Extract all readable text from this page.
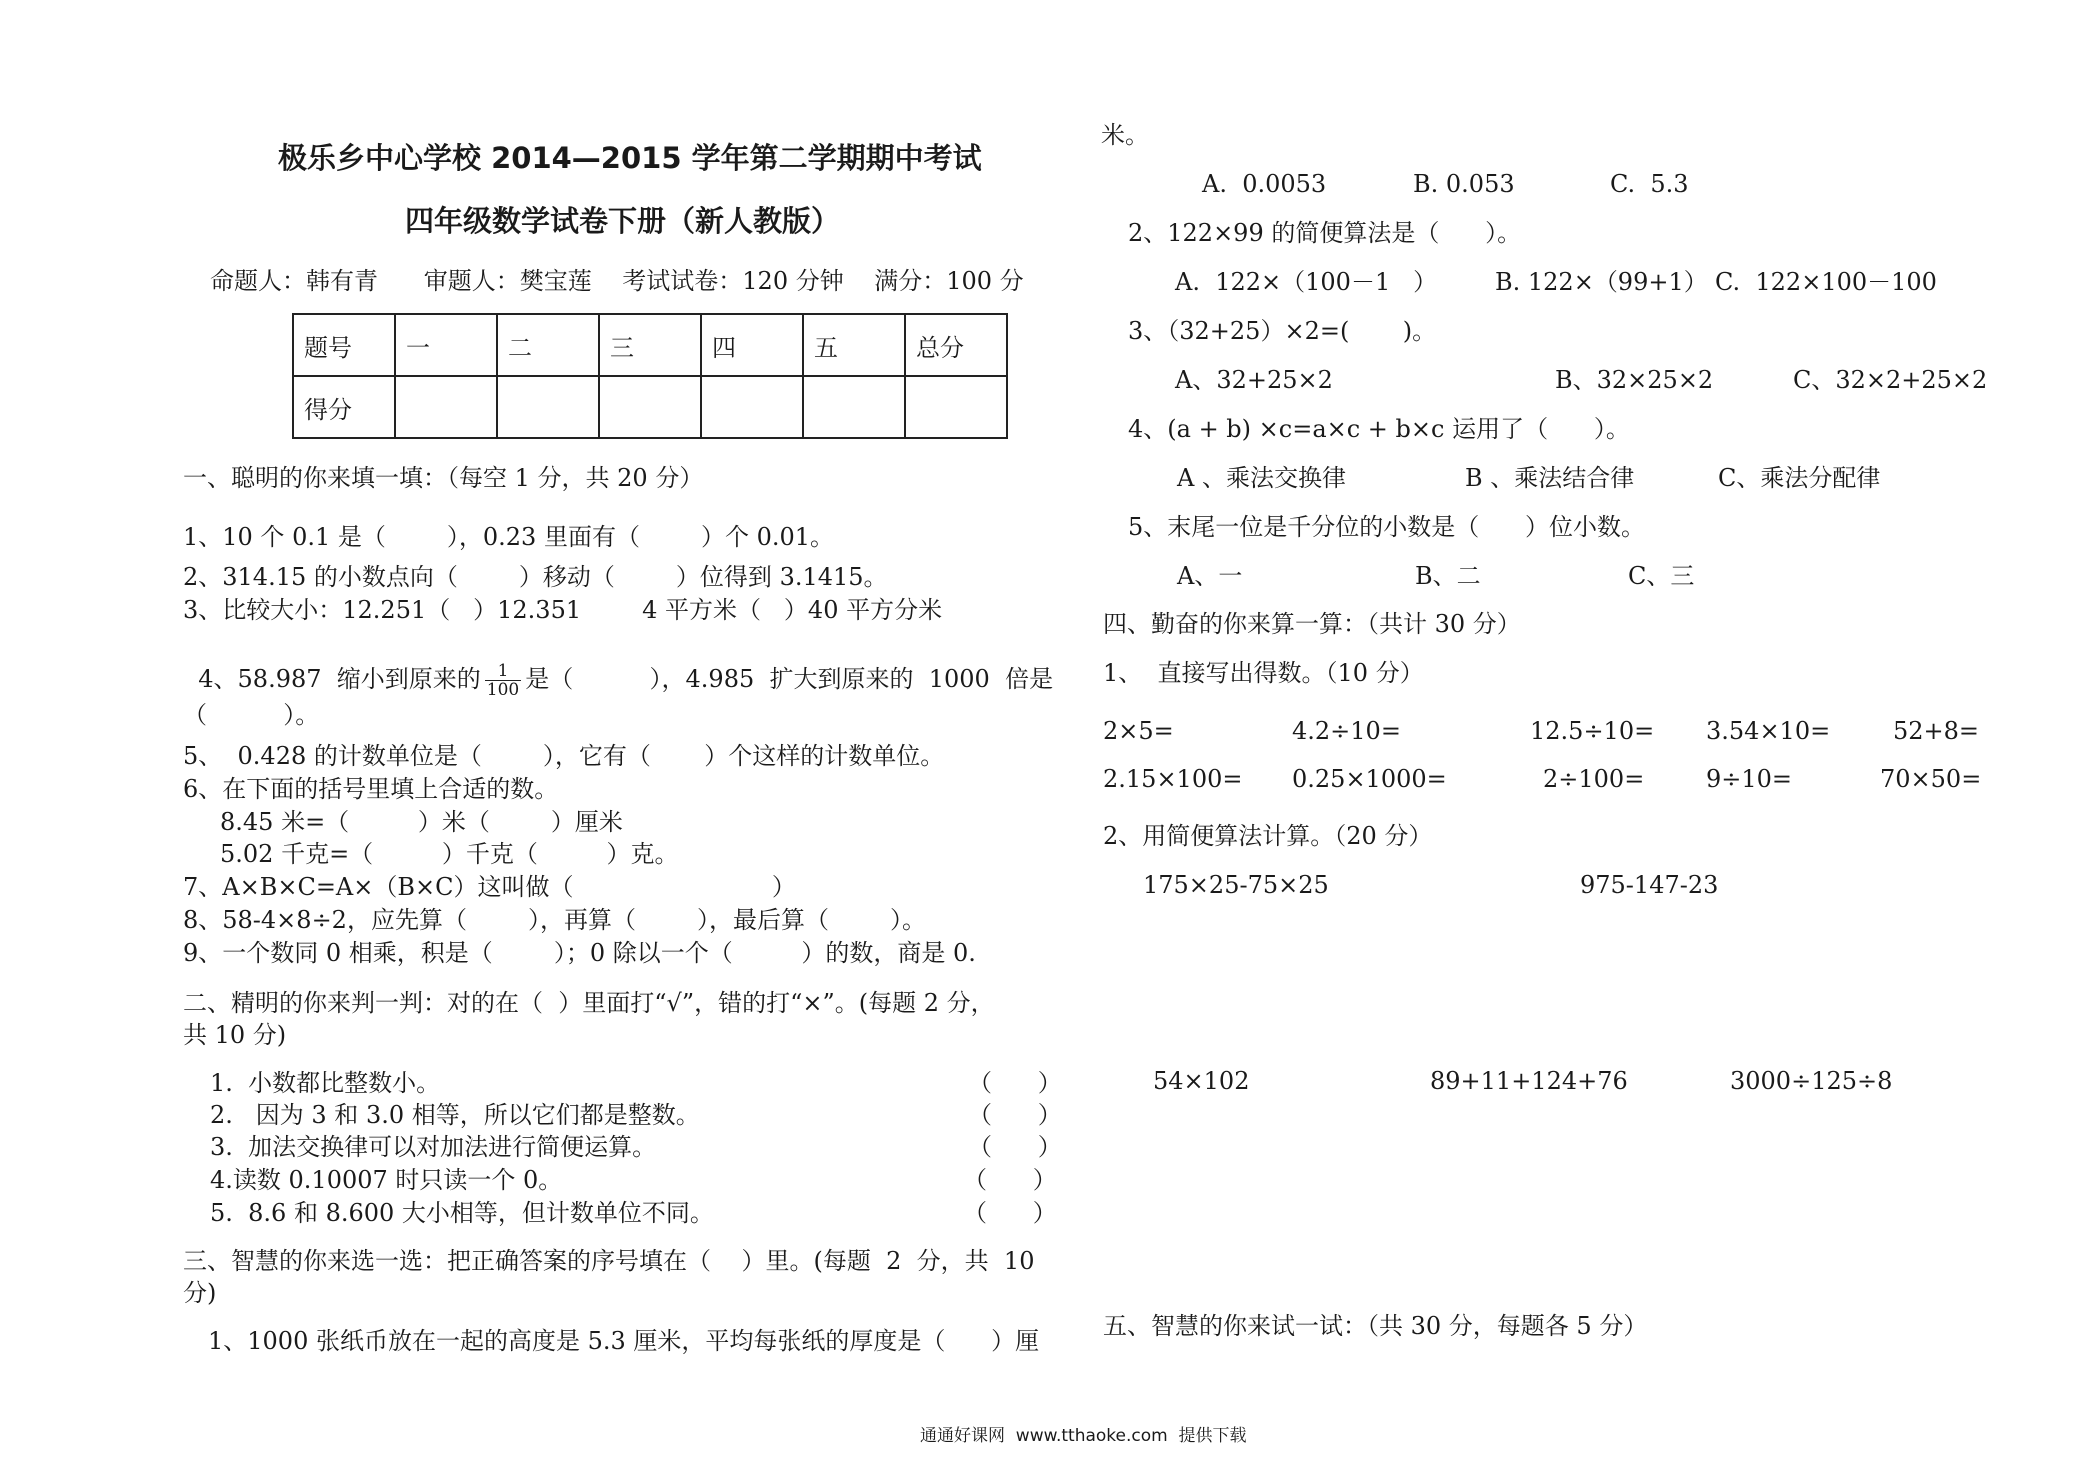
极乐乡中心学校 2014—2015 学年第二学期期中考试
四年级数学试卷下册（新人教版）
命题人：韩有青      审题人：樊宝莲    考试试卷：120 分钟    满分：100 分
题号	一	二	三	四	五	总分
得分						
一、聪明的你来填一填：（每空 1 分，共 20 分）
1、10 个 0.1 是（        ），0.23 里面有（        ）个 0.01。
2、314.15 的小数点向（        ）移动（        ）位得到 3.1415。
3、比较大小：12.251（   ）12.351        4 平方米（   ）40 平方分米

4、58.987  缩小到原来的 $\frac{1}{100}$ 是（          ），4.985  扩大到原来的  1000  倍是

（          ）。
5、  0.428 的计数单位是（        ），它有（       ）个这样的计数单位。
6、在下面的括号里填上合适的数。
8.45 米=（         ）米（        ）厘米
5.02 千克=（         ）千克（         ）克。
7、A×B×C=A×（B×C）这叫做（                          ）
8、58-4×8÷2，应先算（        ），再算（        ），最后算（        ）。
9、一个数同 0 相乘，积是（        ）；0 除以一个（         ）的数，商是 0.
二、精明的你来判一判：对的在（  ）里面打“√”，错的打“×”。(每题 2 分，
共 10 分)
1.  小数都比整数小。	（      ）
2.   因为 3 和 3.0 相等，所以它们都是整数。	（      ）
3.  加法交换律可以对加法进行简便运算。	（      ）
4.读数 0.10007 时只读一个 0。	（      ）
5.  8.6 和 8.600 大小相等，但计数单位不同。	（      ）
三、智慧的你来选一选：把正确答案的序号填在（    ）里。(每题  2  分，共  10
分)
1、1000 张纸币放在一起的高度是 5.3 厘米，平均每张纸的厚度是（      ）厘
米。
A.  0.0053	B. 0.053	C.  5.3
2、122×99 的简便算法是（      ）。
A.  122×（100－1   ） B. 122×（99+1） C.  122×100－100
3、（32+25）×2=(       )。
A、32+25×2	B、32×25×2	C、32×2+25×2
4、(a + b) ×c=a×c + b×c 运用了（      ）。
A 、乘法交换律	B 、乘法结合律	C、乘法分配律
5、末尾一位是千分位的小数是（      ）位小数。
A、一	B、二	C、三
四、勤奋的你来算一算：（共计 30 分）
1、  直接写出得数。（10 分）
2×5=	4.2÷10=	12.5÷10= 3.54×10=	52+8=
2.15×100= 0.25×1000=	2÷100=	9÷10=	70×50=
2、用简便算法计算。（20 分）
175×25-75×25	975-147-23
54×102	89+11+124+76	3000÷125÷8
五、智慧的你来试一试：（共 30 分，每题各 5 分）
通通好课网  www.tthaoke.com  提供下载
